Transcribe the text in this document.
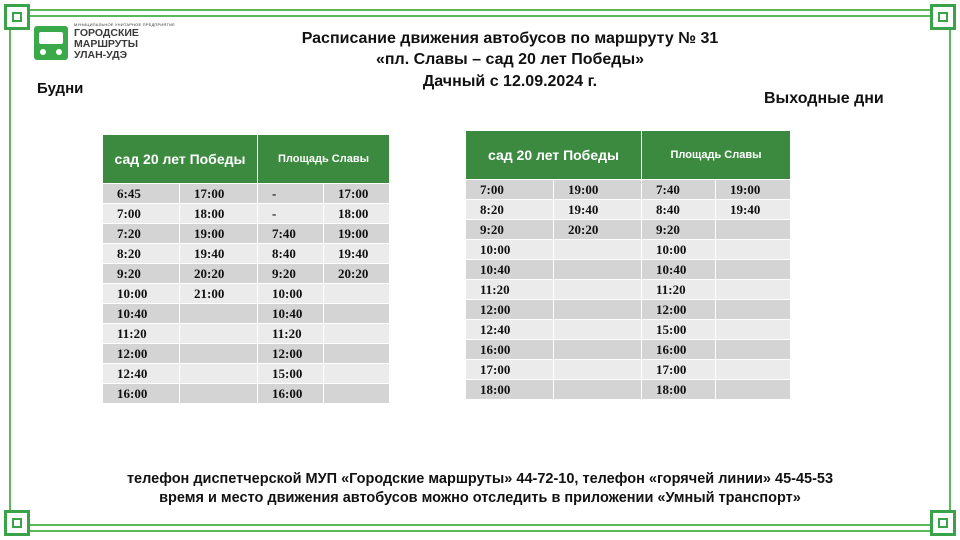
МУНИЦИПАЛЬНОЕ УНИТАРНОЕ ПРЕДПРИЯТИЕ
ГОРОДСКИЕ
МАРШРУТЫ
УЛАН-УДЭ
Расписание движения автобусов по маршруту № 31
«пл. Славы – сад 20 лет Победы»
Дачный с 12.09.2024 г.
Будни
Выходные дни
сад 20 лет Победы		Площадь Славы	
6:45	17:00	-	17:00
7:00	18:00	-	18:00
7:20	19:00	7:40	19:00
8:20	19:40	8:40	19:40
9:20	20:20	9:20	20:20
10:00	21:00	10:00	
10:40		10:40	
11:20		11:20	
12:00		12:00	
12:40		15:00	
16:00		16:00	
сад 20 лет Победы		Площадь Славы	
7:00	19:00	7:40	19:00
8:20	19:40	8:40	19:40
9:20	20:20	9:20	
10:00		10:00	
10:40		10:40	
11:20		11:20	
12:00		12:00	
12:40		15:00	
16:00		16:00	
17:00		17:00	
18:00		18:00	
телефон диспетчерской МУП «Городские маршруты» 44-72-10, телефон «горячей линии» 45-45-53
время и место движения автобусов можно отследить в приложении «Умный транспорт»
